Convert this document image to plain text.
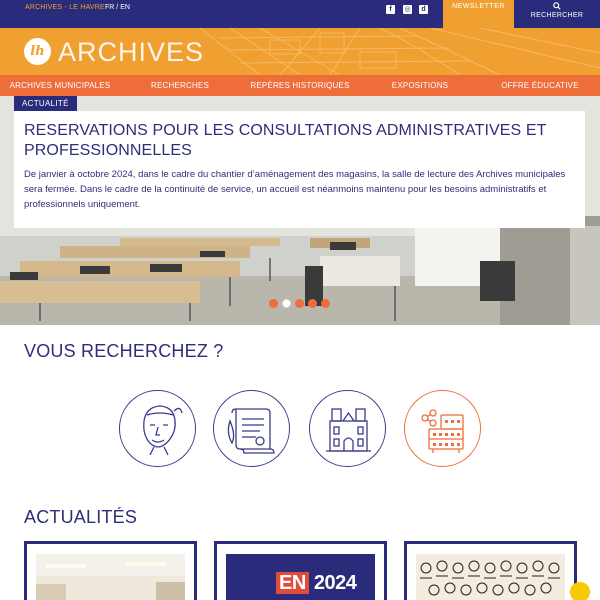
ARCHIVES - LE HAVRE FR / EN	f	◎	d	NEWSLETTER
RECHERCHER
lh ARCHIVES
ARCHIVES MUNICIPALES	RECHERCHES	REPÈRES HISTORIQUES	EXPOSITIONS	OFFRE ÉDUCATIVE
ACTUALITÉ
RESERVATIONS POUR LES CONSULTATIONS ADMINISTRATIVES ET PROFESSIONNELLES
De janvier à octobre 2024, dans le cadre du chantier d’aménagement des magasins, la salle de lecture des Archives municipales sera fermée. Dans le cadre de la continuité de service, un accueil est néanmoins maintenu pour les besoins administratifs et professionnels uniquement.
VOUS RECHERCHEZ ?
ACTUALITÉS
EN 2024
